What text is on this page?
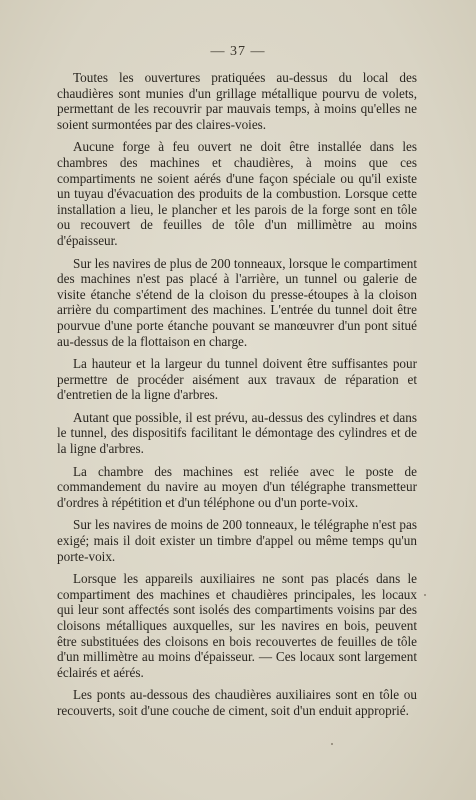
— 37 —

Toutes les ouvertures pratiquées au-dessus du local des chaudières sont munies d'un grillage métallique pourvu de volets, permettant de les recouvrir par mauvais temps, à moins qu'elles ne soient surmontées par des claires-voies.

Aucune forge à feu ouvert ne doit être installée dans les chambres des machines et chaudières, à moins que ces compartiments ne soient aérés d'une façon spéciale ou qu'il existe un tuyau d'évacuation des produits de la combustion. Lorsque cette installation a lieu, le plancher et les parois de la forge sont en tôle ou recouvert de feuilles de tôle d'un millimètre au moins d'épaisseur.

Sur les navires de plus de 200 tonneaux, lorsque le compartiment des machines n'est pas placé à l'arrière, un tunnel ou galerie de visite étanche s'étend de la cloison du presse-étoupes à la cloison arrière du compartiment des machines. L'entrée du tunnel doit être pourvue d'une porte étanche pouvant se manœuvrer d'un pont situé au-dessus de la flottaison en charge.

La hauteur et la largeur du tunnel doivent être suffisantes pour permettre de procéder aisément aux travaux de réparation et d'entretien de la ligne d'arbres.

Autant que possible, il est prévu, au-dessus des cylindres et dans le tunnel, des dispositifs facilitant le démontage des cylindres et de la ligne d'arbres.

La chambre des machines est reliée avec le poste de commandement du navire au moyen d'un télégraphe transmetteur d'ordres à répétition et d'un téléphone ou d'un porte-voix.

Sur les navires de moins de 200 tonneaux, le télégraphe n'est pas exigé; mais il doit exister un timbre d'appel ou même temps qu'un porte-voix.

Lorsque les appareils auxiliaires ne sont pas placés dans le compartiment des machines et chaudières principales, les locaux qui leur sont affectés sont isolés des compartiments voisins par des cloisons métalliques auxquelles, sur les navires en bois, peuvent être substituées des cloisons en bois recouvertes de feuilles de tôle d'un millimètre au moins d'épaisseur. — Ces locaux sont largement éclairés et aérés.

Les ponts au-dessous des chaudières auxiliaires sont en tôle ou recouverts, soit d'une couche de ciment, soit d'un enduit approprié.
